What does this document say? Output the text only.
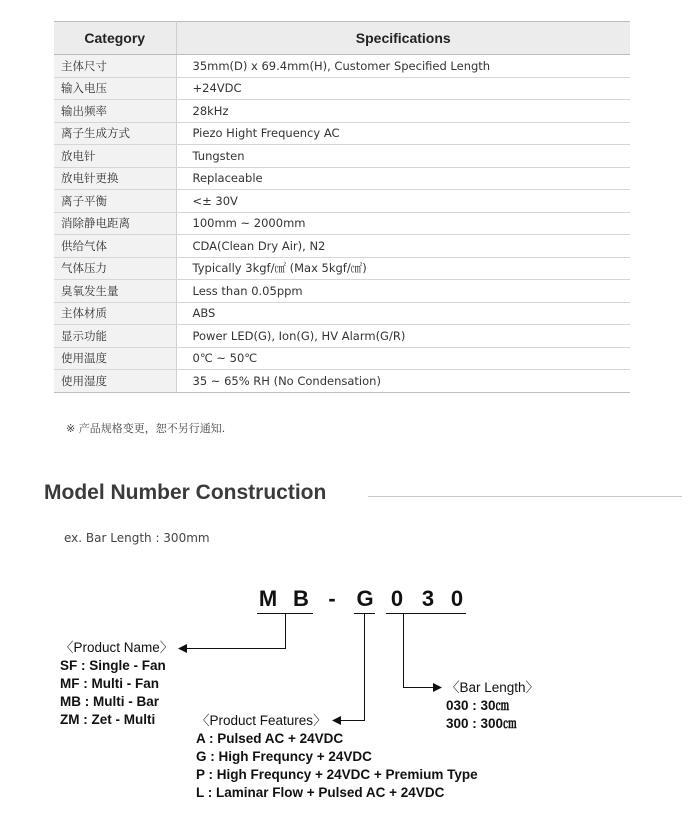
Category	Specifications
主体尺寸	35mm(D) x 69.4mm(H), Customer Specified Length
输入电压	+24VDC
输出频率	28kHz
离子生成方式	Piezo Hight Frequency AC
放电针	Tungsten
放电针更换	Replaceable
离子平衡	<± 30V
消除静电距离	100mm ~ 2000mm
供给气体	CDA(Clean Dry Air), N2
气体压力	Typically 3kgf/㎠ (Max 5kgf/㎠)
臭氧发生量	Less than 0.05ppm
主体材质	ABS
显示功能	Power LED(G), Ion(G), HV Alarm(G/R)
使用温度	0℃ ~ 50℃
使用湿度	35 ~ 65% RH (No Condensation)
※ 产品规格变更，恕不另行通知.
Model Number Construction
ex. Bar Length : 300mm
M B - G 0 3 0
〈Product Name〉
SF : Single - Fan
MF : Multi - Fan
MB : Multi - Bar
ZM : Zet - Multi	〈Product Features〉
A : Pulsed AC + 24VDC
G : High Frequncy + 24VDC
P : High Frequncy + 24VDC + Premium Type
L : Laminar Flow + Pulsed AC + 24VDC
〈Bar Length〉
030 : 30㎝
300 : 300㎝
